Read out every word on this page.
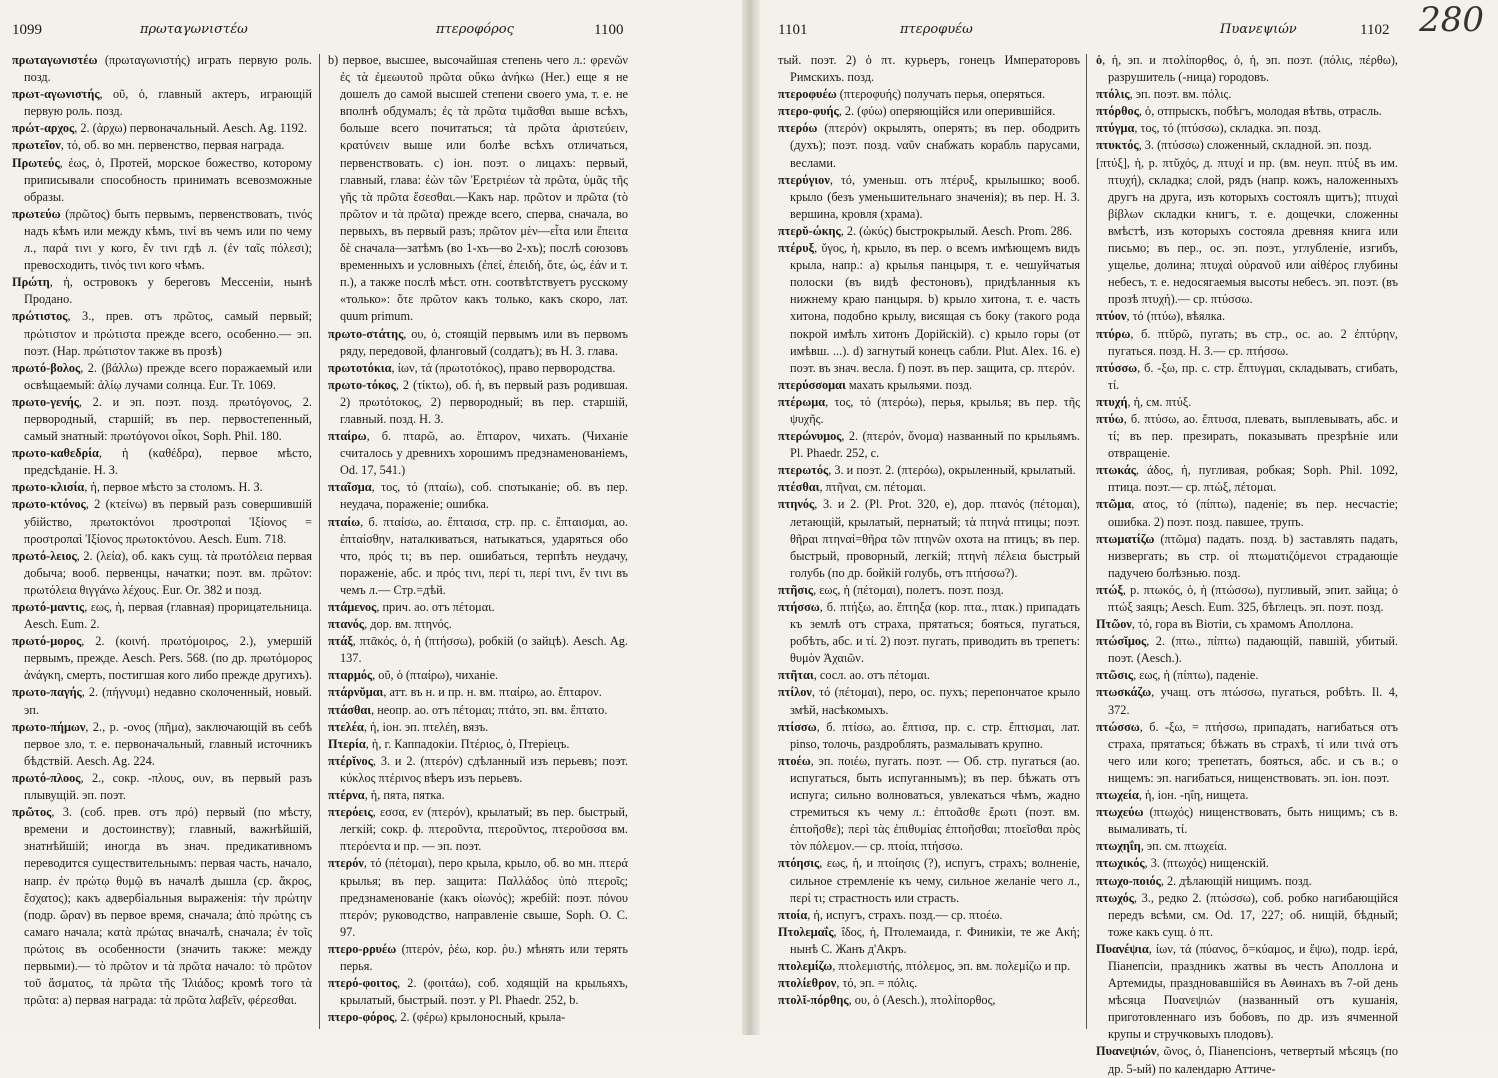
1099	πρωταγωνιστέω	πτεροφόρος	1100

πρωταγωνιστέω (πρωταγωνιστής) играть первую роль. позд.

πρωτ-αγωνιστής, οῦ, ὁ, главный актеръ, играющій первую роль. позд.

πρώτ-αρχος, 2. (ἀρχω) первоначальный. Aesch. Ag. 1192.

πρωτεῖον, τό, об. во мн. первенство, первая награда.

Πρωτεύς, έως, ὁ, Протей, морское божество, которому приписывали способность принимать всевозможные образы.

πρωτεύω (πρῶτος) быть первымъ, первенствовать, τινός надъ кѣмъ или между кѣмъ, τινί въ чемъ или по чему л., παρά τινι у кого, ἔν τινι гдѣ л. (ἐν ταῖς πόλεσι); превосходить, τινός τινι кого чѣмъ.

Πρώτη, ἡ, островокъ у береговъ Мессеніи, нынѣ Продано.

πρώτιστος, 3., прев. отъ πρῶτος, самый первый; πρώτιστον и πρώτιστα прежде всего, особенно.— эп. поэт. (Нар. πρώτιστον также въ прозѣ)

πρωτό-βολος, 2. (βάλλω) прежде всего поражаемый или освѣщаемый: ἀλίῳ лучами солнца. Eur. Tr. 1069.

πρωτο-γενής, 2. и эп. поэт. позд. πρωτόγονος, 2. первородный, старшій; въ пер. первостепенный, самый знатный: πρωτόγονοι οἶκοι, Soph. Phil. 180.

πρωτο-καθεδρία, ἡ (καθέδρα), первое мѣсто, предсѣданіе. Н. З.

πρωτο-κλισία, ἡ, первое мѣсто за столомъ. Н. З.

πρωτο-κτόνος, 2 (κτείνω) въ первый разъ совершившій убійство, πρωτοκτόνοι προστροπαὶ Ἰξίονος = προστροπαὶ Ἰξίονος πρωτοκτόνου. Aesch. Eum. 718.

πρωτό-λειος, 2. (λεία), об. какъ сущ. τὰ πρωτόλεια первая добыча; вооб. первенцы, начатки; поэт. вм. πρῶτον: πρωτόλεια θιγγάνω λέχους. Eur. Or. 382 и позд.

πρωτό-μαντις, εως, ἡ, первая (главная) прорицательница. Aesch. Eum. 2.

πρωτό-μορος, 2. (κοινή. πρωτόμοιρος, 2.), умершій первымъ, прежде. Aesch. Pers. 568. (по др. πρωτόμορος ἀνάγκη, смерть, постигшая кого либо прежде другихъ).

πρωτο-παγής, 2. (πήγνυμι) недавно сколоченный, новый. эп.

πρωτο-πήμων, 2., р. -ονος (πῆμα), заключающій въ себѣ первое зло, т. е. первоначальный, главный источникъ бѣдствій. Aesch. Ag. 224.

πρωτό-πλοος, 2., сокр. -πλους, ουν, въ первый разъ плывущій. эп. поэт.

πρῶτος, 3. (соб. прев. отъ πρό) первый (по мѣсту, времени и достоинству); главный, важнѣйшій, знатнѣйшій; иногда въ знач. предикативномъ переводится существительнымъ: первая часть, начало, напр. ἐν πρώτῳ θυμῷ въ началѣ дышла (ср. ἄκρος, ἔσχατος); какъ адвербіальныя выраженія: τὴν πρώτην (подр. ὥραν) въ первое время, сначала; ἀπὸ πρώτης съ самаго начала; κατὰ πρώτας вначалѣ, сначала; ἐν τοῖς πρώτοις въ особенности (значить также: между первыми).— τὸ πρῶτον и τὰ πρῶτα начало: τὸ πρῶτον τοῦ ἄσματος, τὰ πρῶτα τῆς Ἰλιάδος; кромѣ того τὰ πρῶτα: a) первая награда: τὰ πρῶτα λαβεῖν, φέρεσθαι.

b) первое, высшее, высочайшая степень чего л.: φρενῶν ἐς τὰ ἐμεωυτοῦ πρῶτα οὔκω ἀνήκω (Her.) еще я не дошелъ до самой высшей степени своего ума, т. е. не вполнѣ обдумалъ; ἐς τὰ πρῶτα τιμᾶσθαι выше всѣхъ, больше всего почитаться; τὰ πρῶτα ἀριστεύειν, κρατύνειν выше или болѣе всѣхъ отличаться, первенствовать. c) іон. поэт. о лицахъ: первый, главный, глава: ἐὼν τῶν Ἐρετριέων τὰ πρῶτα, ὑμᾶς τῆς γῆς τὰ πρῶτα ἔσεσθαι.—Какъ нар. πρῶτον и πρῶτα (τὸ πρῶτον и τὰ πρῶτα) прежде всего, сперва, сначала, во первыхъ, въ первый разъ; πρῶτον μὲν—εἶτα или ἔπειτα δὲ сначала—затѣмъ (во 1-хъ—во 2-хъ); послѣ союзовъ временныхъ и условныхъ (ἐπεί, ἐπειδή, ὅτε, ὡς, ἐάν и т. п.), а также послѣ мѣст. отн. соотвѣтствуетъ русскому «только»: ὅτε πρῶτον какъ только, какъ скоро, лат. quum primum.

πρωτο-στάτης, ου, ὁ, стоящій первымъ или въ первомъ ряду, передовой, фланговый (солдатъ); въ Н. З. глава.

πρωτοτόκια, ίων, τά (πρωτοτόκος), право первородства.

πρωτο-τόκος, 2 (τίκτω), об. ἡ, въ первый разъ родившая. 2) πρωτότοκος, 2) первородный; въ пер. старшій, главный. позд. Н. З.

πταίρω, б. πταρῶ, ао. ἔπταρον, чихать. (Чиханіе считалось у древнихъ хорошимъ предзнаменованіемъ, Od. 17, 541.)

πταῖσμα, τος, τό (πταίω), соб. спотыканіе; об. въ пер. неудача, пораженіе; ошибка.

πταίω, б. πταίσω, ао. ἔπταισα, стр. пр. с. ἔπταισμαι, ао. ἐπταίσθην, наталкиваться, натыкаться, ударяться обо что, πρός τι; въ пер. ошибаться, терпѣть неудачу, пораженіе, абс. и πρός τινι, περί τι, περί τινι, ἔν τινι въ чемъ л.— Стр.=дѣй.

πτάμενος, прич. ао. отъ πέτομαι.

πτανός, дор. вм. πτηνός.

πτάξ, πτᾱκός, ὁ, ἡ (πτήσσω), робкій (о зайцѣ). Aesch. Ag. 137.

πταρμός, οῦ, ὁ (πταίρω), чиханіе.

πτάρνῠμαι, атт. въ н. и пр. н. вм. πταίρω, ао. ἔπταρον.

πτάσθαι, неопр. ао. отъ πέτομαι; πτάτο, эп. вм. ἔπτατο.

πτελέα, ἡ, іон. эп. πτελέη, вязъ.

Πτερία, ἡ, г. Каппадокіи. Πτέριος, ὁ, Птеріецъ.

πτέρῐνος, 3. и 2. (πτερόν) сдѣланный изъ перьевъ; поэт. κύκλος πτέρινος вѣеръ изъ перьевъ.

πτέρνα, ἡ, пята, пятка.

πτερόεις, εσσα, εν (πτερόν), крылатый; въ пер. быстрый, легкій; сокр. ф. πτεροῦντα, πτεροῦντος, πτεροῦσσα вм. πτερόεντα и пр. — эп. поэт.

πτερόν, τό (πέτομαι), перо крыла, крыло, об. во мн. πτερά крылья; въ пер. защита: Παλλάδος ὑπὸ πτεροῖς; предзнаменованіе (какъ οἰωνός); жребій: поэт. πόνου πτερόν; руководство, направленіе свыше, Soph. O. C. 97.

πτερο-ρρυέω (πτερόν, ῥέω, кор. ῥυ.) мѣнять или терять перья.

πτερό-φοιτος, 2. (φοιτάω), соб. ходящій на крыльяхъ, крылатый, быстрый. поэт. у Pl. Phaedr. 252, b.

πτερο-φόρος, 2. (φέρω) крылоносный, крыла-

1101	πτεροφυέω	Πυανεψιών	1102 280

тый. поэт. 2) ὁ πτ. курьеръ, гонецъ Императоровъ Римскихъ. позд.

πτεροφυέω (πτεροφυής) получать перья, оперяться.

πτερο-φυής, 2. (φύω) оперяющійся или оперившійся.

πτερόω (πτερόν) окрылять, оперять; въ пер. ободрить (духъ); поэт. позд. ναῦν снабжать корабль парусами, веслами.

πτερύγιον, τό, уменьш. отъ πτέρυξ, крылышко; вооб. крыло (безъ уменьшительнаго значенія); въ пер. Н. З. вершина, кровля (храма).

πτερῠ-ώκης, 2. (ὠκύς) быстрокрылый. Aesch. Prom. 286.

πτέρυξ, ῠγος, ἡ, крыло, въ пер. о всемъ имѣющемъ видъ крыла, напр.: a) крылья панцыря, т. е. чешуйчатыя полоски (въ видѣ фестоновъ), придѣланныя къ нижнему краю панцыря. b) крыло хитона, т. е. часть хитона, подобно крылу, висящая съ боку (такого рода покрой имѣлъ хитонъ Дорійскій). c) крыло горы (от имѣвш. ...). d) загнутый конецъ сабли. Plut. Alex. 16. e) поэт. въ знач. весла. f) поэт. въ пер. защита, ср. πτερόν.

πτερύσσομαι махать крыльями. позд.

πτέρωμα, τος, τό (πτερόω), перья, крылья; въ пер. τῆς ψυχῆς.

πτερώνυμος, 2. (πτερόν, ὄνομα) названный по крыльямъ. Pl. Phaedr. 252, c.

πτερωτός, 3. и поэт. 2. (πτερόω), окрыленный, крылатый.

πτέσθαι, πτῆναι, см. πέτομαι.

πτηνός, 3. и 2. (Pl. Prot. 320, e), дор. πτανός (πέτομαι), летающій, крылатый, пернатый; τὰ πτηνά птицы; поэт. θῆραι πτηναί=θῆρα τῶν πτηνῶν охота на птицъ; въ пер. быстрый, проворный, легкій; πτηνὴ πέλεια быстрый голубь (по др. бойкій голубь, отъ πτήσσω?).

πτῆσις, εως, ἡ (πέτομαι), полетъ. поэт. позд.

πτήσσω, б. πτήξω, ао. ἔπτηξα (кор. πτα., πτακ.) припадать къ землѣ отъ страха, прятаться; бояться, пугаться, робѣть, абс. и τί. 2) поэт. пугать, приводить въ трепетъ: θυμὸν Ἀχαιῶν.

πτῆται, сосл. ао. отъ πέτομαι.

πτίλον, τό (πέτομαι), перо, ос. пухъ; перепончатое крыло змѣй, насѣкомыхъ.

πτίσσω, б. πτίσω, ао. ἔπτισα, пр. с. стр. ἔπτισμαι, лат. pinso, толочь, раздроблять, размалывать крупно.

πτοέω, эп. ποιέω, пугать. поэт. — Об. стр. пугаться (ао. испугаться, быть испуганнымъ); въ пер. бѣжать отъ испуга; сильно волноваться, увлекаться чѣмъ, жадно стремиться къ чему л.: ἐπτοᾶσθε ἔρωτι (поэт. вм. ἐπτοῆσθε); περὶ τὰς ἐπιθυμίας ἐπτοῆσθαι; πτοεῖσθαι πρὸς τὸν πόλεμον.— ср. πτοία, πτήσσω.

πτόησις, εως, ἡ, и πτοίησις (?), испугъ, страхъ; волненіе, сильное стремленіе къ чему, сильное желаніе чего л., περί τι; страстность или страсть.

πτοία, ἡ, испугъ, страхъ. позд.— ср. πτοέω.

Πτολεμαΐς, ΐδος, ἡ, Птолемаида, г. Финикіи, те же Ακή; нынѣ С. Жанъ д'Акръ.

πτολεμίζω, πτολεμιστής, πτόλεμος, эп. вм. πολεμίζω и пр.

πτολίεθρον, τό, эп. = πόλις.

πτολῐ-πόρθης, ου, ὁ (Aesch.), πτολίπορθος,

ὁ, ἡ, эп. и πτολίπορθος, ὁ, ἡ, эп. поэт. (πόλις, πέρθω), разрушитель (-ница) городовъ.

πτόλις, эп. поэт. вм. πόλις.

πτόρθος, ὁ, отпрыскъ, побѣгъ, молодая вѣтвь, отрасль.

πτύγμα, τος, τό (πτύσσω), складка. эп. позд.

πτυκτός, 3. (πτύσσω) сложенный, складной. эп. позд.

[πτύξ], ἡ, р. πτῠχός, д. πτυχί и пр. (вм. неуп. πτύξ въ им. πτυχή), складка; слой, рядъ (напр. кожъ, наложенныхъ другъ на друга, изъ которыхъ состоялъ щитъ); πτυχαὶ βίβλων складки книгъ, т. е. дощечки, сложенны вмѣстѣ, изъ которыхъ состояла древняя книга или письмо; въ пер., ос. эп. поэт., углубленіе, изгибъ, ущелье, долина; πτυχαὶ οὐρανοῦ или αἰθέρος глубины небесъ, т. е. недосягаемыя высоты небесъ. эп. поэт. (въ прозѣ πτυχή).— ср. πτύσσω.

πτύον, τό (πτύω), вѣялка.

πτύρω, б. πτῠρῶ, пугать; въ стр., ос. ао. 2 ἐπτύρην, пугаться. позд. Н. З.— ср. πτήσσω.

πτύσσω, б. -ξω, пр. с. стр. ἔπτυγμαι, складывать, сгибать, τί.

πτυχή, ἡ, см. πτύξ.

πτύω, б. πτύσω, ао. ἔπτυσα, плевать, выплевывать, абс. и τί; въ пер. презирать, показывать презрѣніе или отвращеніе.

πτωκάς, άδος, ἡ, пугливая, робкая; Soph. Phil. 1092, птица. поэт.— ср. πτώξ, πέτομαι.

πτῶμα, ατος, τό (πίπτω), паденіе; въ пер. несчастіе; ошибка. 2) поэт. позд. павшее, трупъ.

πτωματίζω (πτῶμα) падать. позд. b) заставлять падать, низвергать; въ стр. οἱ πτωματιζόμενοι страдающіе падучею болѣзнью. позд.

πτώξ, р. πτωκός, ὁ, ἡ (πτώσσω), пугливый, эпит. зайца; ὁ πτώξ заяцъ; Aesch. Eum. 325, бѣглецъ. эп. поэт. позд.

Πτῶον, τό, гора въ Віотіи, съ храмомъ Аполлона.

πτώσῐμος, 2. (πτω., πίπτω) падающій, павшій, убитый. поэт. (Aesch.).

πτῶσις, εως, ἡ (πίπτω), паденіе.

πτωσκάζω, учащ. отъ πτώσσω, пугаться, робѣть. Il. 4, 372.

πτώσσω, б. -ξω, = πτήσσω, припадать, нагибаться отъ страха, прятаться; бѣжать въ страхѣ, τί или τινά отъ чего или кого; трепетать, бояться, абс. и съ в.; о нищемъ: эп. нагибаться, нищенствовать. эп. іон. поэт.

πτωχεία, ἡ, іон. -ηΐη, нищета.

πτωχεύω (πτωχός) нищенствовать, быть нищимъ; съ в. вымаливать, τί.

πτωχηΐη, эп. см. πτωχεία.

πτωχικός, 3. (πτωχός) нищенскій.

πτωχο-ποιός, 2. дѣлающій нищимъ. позд.

πτωχός, 3., редко 2. (πτώσσω), соб. робко нагибающійся передъ всѣми, см. Od. 17, 227; об. нищій, бѣдный; тоже какъ сущ. ὁ πτ.

Πυανέψια, ίων, τά (πύανος, ὅ=κύαμος, и ἕψω), подр. ἱερά, Піанепсіи, праздникъ жатвы въ честь Аполлона и Артемиды, праздновавшійся въ Аѳинахъ въ 7-ой день мѣсяца Πυανεψιών (названный отъ кушанія, приготовленнаго изъ бобовъ, по др. изъ ячменной крупы и стручковыхъ плодовъ).

Πυανεψιών, ῶνος, ὁ, Піанепсіонъ, четвертый мѣсяцъ (по др. 5-ый) по календарю Аттиче-
